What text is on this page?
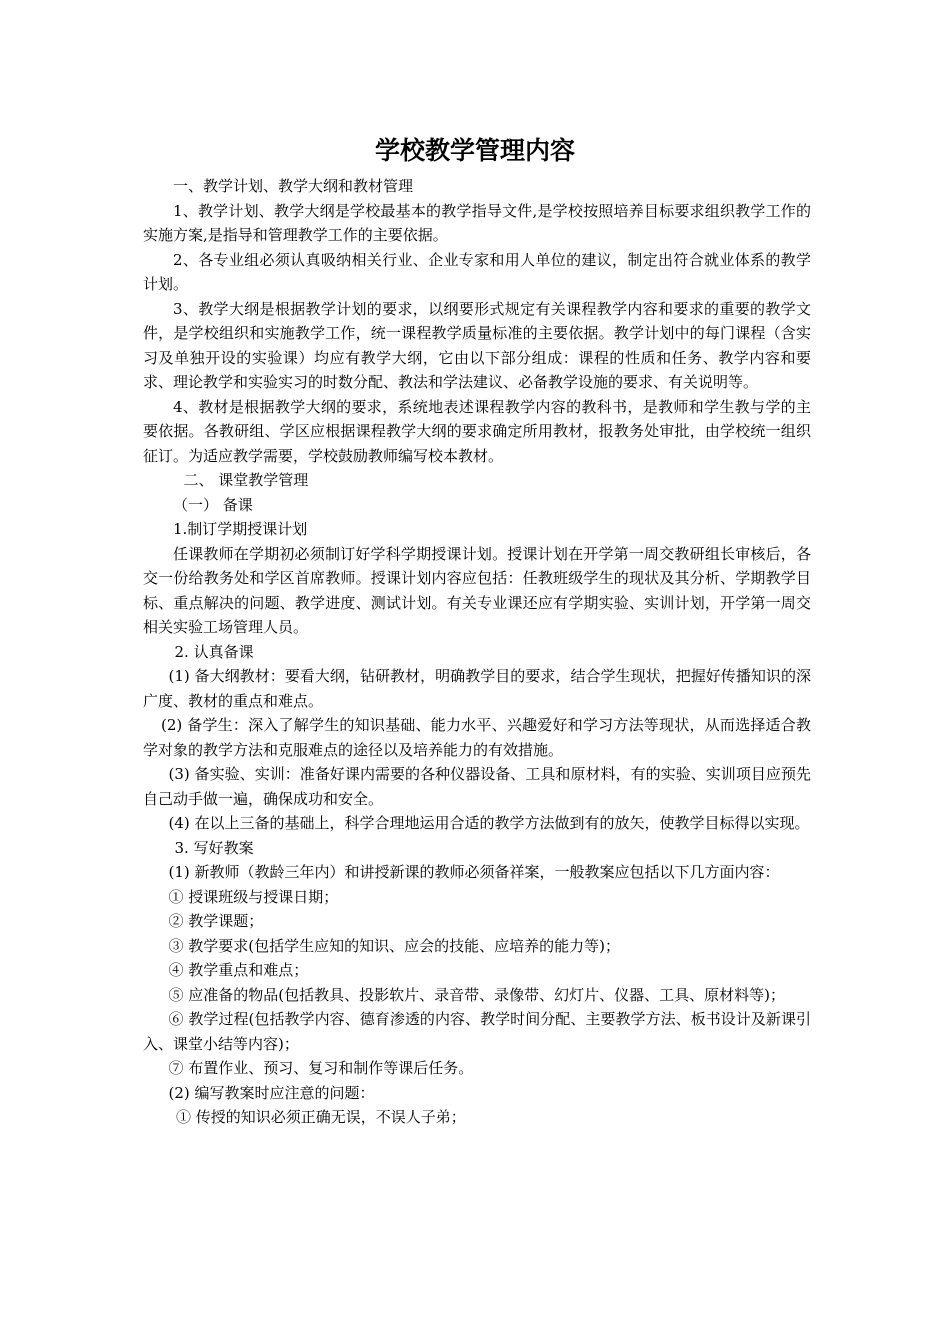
学校教学管理内容

一、教学计划、教学大纲和教材管理

1、教学计划、教学大纲是学校最基本的教学指导文件,是学校按照培养目标要求组织教学工作的实施方案,是指导和管理教学工作的主要依据。

2、各专业组必须认真吸纳相关行业、企业专家和用人单位的建议，制定出符合就业体系的教学计划。

3、教学大纲是根据教学计划的要求，以纲要形式规定有关课程教学内容和要求的重要的教学文件，是学校组织和实施教学工作，统一课程教学质量标准的主要依据。教学计划中的每门课程（含实习及单独开设的实验课）均应有教学大纲，它由以下部分组成：课程的性质和任务、教学内容和要求、理论教学和实验实习的时数分配、教法和学法建议、必备教学设施的要求、有关说明等。

4、教材是根据教学大纲的要求，系统地表述课程教学内容的教科书，是教师和学生教与学的主要依据。各教研组、学区应根据课程教学大纲的要求确定所用教材，报教务处审批，由学校统一组织征订。为适应教学需要，学校鼓励教师编写校本教材。

二、 课堂教学管理

（一） 备课

1.制订学期授课计划

任课教师在学期初必须制订好学科学期授课计划。授课计划在开学第一周交教研组长审核后，各交一份给教务处和学区首席教师。授课计划内容应包括：任教班级学生的现状及其分析、学期教学目标、重点解决的问题、教学进度、测试计划。有关专业课还应有学期实验、实训计划，开学第一周交相关实验工场管理人员。

2. 认真备课

(1) 备大纲教材：要看大纲，钻研教材，明确教学目的要求，结合学生现状，把握好传播知识的深广度、教材的重点和难点。

(2) 备学生：深入了解学生的知识基础、能力水平、兴趣爱好和学习方法等现状，从而选择适合教学对象的教学方法和克服难点的途径以及培养能力的有效措施。

(3) 备实验、实训：准备好课内需要的各种仪器设备、工具和原材料，有的实验、实训项目应预先自己动手做一遍，确保成功和安全。

(4) 在以上三备的基础上，科学合理地运用合适的教学方法做到有的放矢，使教学目标得以实现。

3. 写好教案

(1) 新教师（教龄三年内）和讲授新课的教师必须备祥案，一般教案应包括以下几方面内容：

① 授课班级与授课日期；

② 教学课题；

③ 教学要求(包括学生应知的知识、应会的技能、应培养的能力等)；

④ 教学重点和难点；

⑤ 应准备的物品(包括教具、投影软片、录音带、录像带、幻灯片、仪器、工具、原材料等)；

⑥ 教学过程(包括教学内容、德育渗透的内容、教学时间分配、主要教学方法、板书设计及新课引入、课堂小结等内容)；

⑦ 布置作业、预习、复习和制作等课后任务。

(2) 编写教案时应注意的问题：

① 传授的知识必须正确无误，不误人子弟；
